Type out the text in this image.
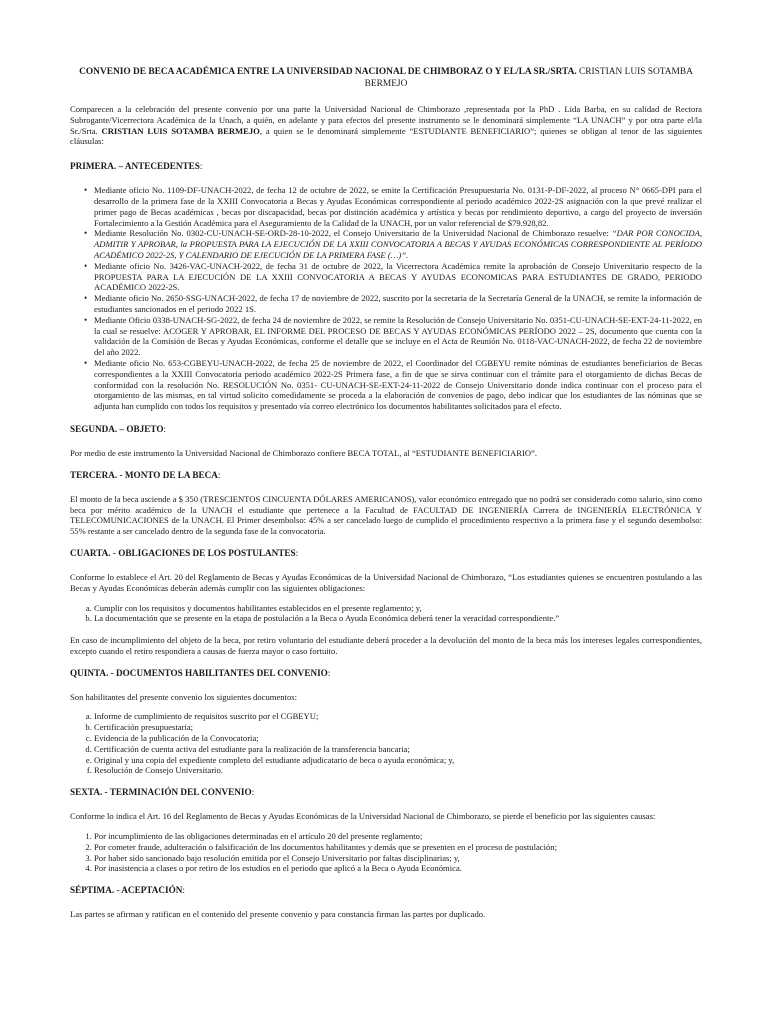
CONVENIO DE BECA ACADÉMICA ENTRE LA UNIVERSIDAD NACIONAL DE CHIMBORAZ O Y EL/LA SR./SRTA. CRISTIAN LUIS SOTAMBA BERMEJO

Comparecen a la celebración del presente convenio por una parte la Universidad Nacional de Chimborazo ,representada por la PhD . Lida Barba, en su calidad de Rectora Subrogante/Vicerrectora Académica de la Unach, a quién, en adelante y para efectos del presente instrumento se le denominará simplemente “LA UNACH” y por otra parte el/la Sr./Srta. CRISTIAN LUIS SOTAMBA BERMEJO, a quien se le denominará simplemente “ESTUDIANTE BENEFICIARIO”; quienes se obligan al tenor de las siguientes cláusulas:

PRIMERA. – ANTECEDENTES:
• Mediante oficio No. 1109-DF-UNACH-2022, de fecha 12 de octubre de 2022, se emite la Certificación Presupuestaria No. 0131-P-DF-2022, al proceso N° 0665-DPI para el desarrollo de la primera fase de la XXIII Convocatoria a Becas y Ayudas Económicas correspondiente al periodo académico 2022-2S asignación con la que prevé realizar el primer pago de Becas académicas , becas por discapacidad, becas por distinción académica y artística y becas por rendimiento deportivo, a cargo del proyecto de inversión Fortalecimiento a la Gestión Académica para el Aseguramiento de la Calidad de la UNACH, por un valor referencial de $79.928,82.
• Mediante Resolución No. 0302-CU-UNACH-SE-ORD-28-10-2022, el Consejo Universitario de la Universidad Nacional de Chimborazo resuelve: “DAR POR CONOCIDA, ADMITIR Y APROBAR, la PROPUESTA PARA LA EJECUCIÓN DE LA XXIII CONVOCATORIA A BECAS Y AYUDAS ECONÓMICAS CORRESPONDIENTE AL PERÍODO ACADÉMICO 2022-2S, Y CALENDARIO DE EJECUCIÓN DE LA PRIMERA FASE (…)”.
• Mediante oficio No. 3426-VAC-UNACH-2022, de fecha 31 de octubre de 2022, la Vicerrectora Académica remite la aprobación de Consejo Universitario respecto de la PROPUESTA PARA LA EJECUCIÓN DE LA XXIII CONVOCATORIA A BECAS Y AYUDAS ECONOMICAS PARA ESTUDIANTES DE GRADO, PERIODO ACADÉMICO 2022-2S.
• Mediante oficio No. 2650-SSG-UNACH-2022, de fecha 17 de noviembre de 2022, suscrito por la secretaria de la Secretaría General de la UNACH, se remite la información de estudiantes sancionados en el periodo 2022 1S.
• Mediante Oficio 0338-UNACH-SG-2022, de fecha 24 de noviembre de 2022, se remite la Resolución de Consejo Universitario No. 0351-CU-UNACH-SE-EXT-24-11-2022, en la cual se resuelve: ACOGER Y APROBAR, EL INFORME DEL PROCESO DE BECAS Y AYUDAS ECONÓMICAS PERÍODO 2022 – 2S, documento que cuenta con la validación de la Comisión de Becas y Ayudas Económicas, conforme el detalle que se incluye en el Acta de Reunión No. 0118-VAC-UNACH-2022, de fecha 22 de noviembre del año 2022.
• Mediante oficio No. 653-CGBEYU-UNACH-2022, de fecha 25 de noviembre de 2022, el Coordinador del CGBEYU remite nóminas de estudiantes beneficiarios de Becas correspondientes a la XXIII Convocatoria periodo académico 2022-2S Primera fase, a fin de que se sirva continuar con el trámite para el otorgamiento de dichas Becas de conformidad con la resolución No. RESOLUCIÓN No. 0351- CU-UNACH-SE-EXT-24-11-2022 de Consejo Universitario donde indica continuar con el proceso para el otorgamiento de las mismas, en tal virtud solicito comedidamente se proceda a la elaboración de convenios de pago, debo indicar que los estudiantes de las nóminas que se adjunta han cumplido con todos los requisitos y presentado vía correo electrónico los documentos habilitantes solicitados para el efecto.
SEGUNDA. – OBJETO:

Por medio de este instrumento la Universidad Nacional de Chimborazo confiere BECA TOTAL, al “ESTUDIANTE BENEFICIARIO”.

TERCERA. - MONTO DE LA BECA:

El monto de la beca asciende a $ 350 (TRESCIENTOS CINCUENTA DÓLARES AMERICANOS), valor económico entregado que no podrá ser considerado como salario, sino como beca por mérito académico de la UNACH el estudiante que pertenece a la Facultad de FACULTAD DE INGENIERÍA Carrera de INGENIERÍA ELECTRÓNICA Y TELECOMUNICACIONES de la UNACH. El Primer desembolso: 45% a ser cancelado luego de cumplido el procedimiento respectivo a la primera fase y el segundo desembolso: 55% restante a ser cancelado dentro de la segunda fase de la convocatoria.

CUARTA. - OBLIGACIONES DE LOS POSTULANTES:

Conforme lo establece el Art. 20 del Reglamento de Becas y Ayudas Económicas de la Universidad Nacional de Chimborazo, “Los estudiantes quienes se encuentren postulando a las Becas y Ayudas Económicas deberán además cumplir con las siguientes obligaciones:

a. Cumplir con los requisitos y documentos habilitantes establecidos en el presente reglamento; y,
b. La documentación que se presente en la etapa de postulación a la Beca o Ayuda Económica deberá tener la veracidad correspondiente.”

En caso de incumplimiento del objeto de la beca, por retiro voluntario del estudiante deberá proceder a la devolución del monto de la beca más los intereses legales correspondientes, excepto cuando el retiro respondiera a causas de fuerza mayor o caso fortuito.

QUINTA. - DOCUMENTOS HABILITANTES DEL CONVENIO:

Son habilitantes del presente convenio los siguientes documentos:

a. Informe de cumplimiento de requisitos suscrito por el CGBEYU;
b. Certificación presupuestaria;
c. Evidencia de la publicación de la Convocatoria;
d. Certificación de cuenta activa del estudiante para la realización de la transferencia bancaria;
e. Original y una copia del expediente completo del estudiante adjudicatario de beca o ayuda económica; y,
f. Resolución de Consejo Universitario.
SEXTA. - TERMINACIÓN DEL CONVENIO:

Conforme lo indica el Art. 16 del Reglamento de Becas y Ayudas Económicas de la Universidad Nacional de Chimborazo, se pierde el beneficio por las siguientes causas:

1. Por incumplimiento de las obligaciones determinadas en el artículo 20 del presente reglamento;
2. Por cometer fraude, adulteración o falsificación de los documentos habilitantes y demás que se presenten en el proceso de postulación;
3. Por haber sido sancionado bajo resolución emitida por el Consejo Universitario por faltas disciplinarias; y,
4. Por inasistencia a clases o por retiro de los estudios en el periodo que aplicó a la Beca o Ayuda Económica.
SÉPTIMA. - ACEPTACIÓN:

Las partes se afirman y ratifican en el contenido del presente convenio y para constancia firman las partes por duplicado.
